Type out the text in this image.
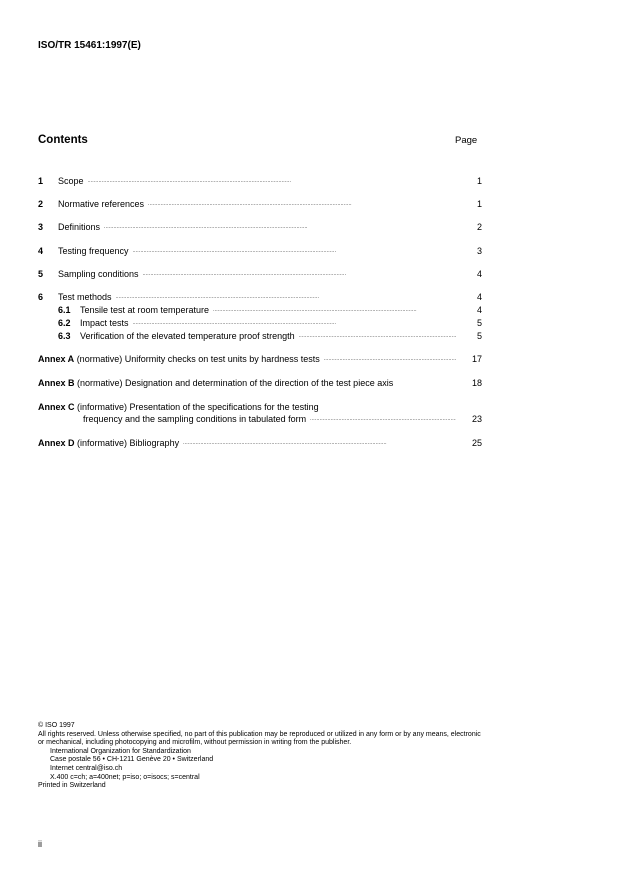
ISO/TR 15461:1997(E)
Contents	Page
1	Scope . . .	1
2	Normative references . . .	1
3	Definitions . . .	2
4	Testing frequency . . .	3
5	Sampling conditions . . .	4
6	Test methods . . .	4
6.1	Tensile test at room temperature . . .	4
6.2	Impact tests . . .	5
6.3	Verification of the elevated temperature proof strength . . .	5
Annex A (normative) Uniformity checks on test units by hardness tests . . .	17
Annex B (normative) Designation and determination of the direction of the test piece axis	18
Annex C (informative) Presentation of the specifications for the testing
frequency and the sampling conditions in tabulated form . . .	23
Annex D (informative) Bibliography . . .	25
© ISO 1997
All rights reserved. Unless otherwise specified, no part of this publication may be reproduced or utilized in any form or by any means, electronic
or mechanical, including photocopying and microfilm, without permission in writing from the publisher.
International Organization for Standardization
Case postale 56 • CH-1211 Genève 20 • Switzerland
Internet central@iso.ch
X.400 c=ch; a=400net; p=iso; o=isocs; s=central
Printed in Switzerland
ii
